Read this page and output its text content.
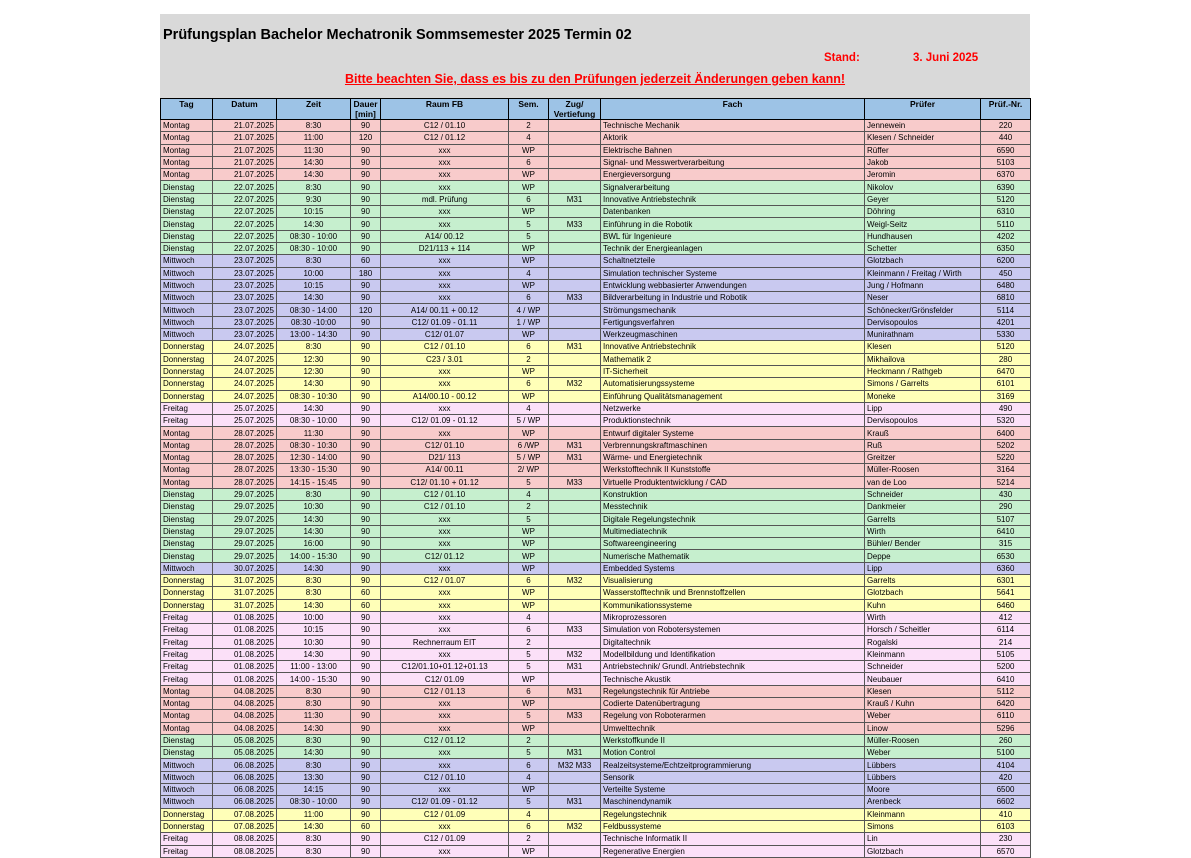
Prüfungsplan Bachelor Mechatronik Sommsemester 2025 Termin 02
Stand:	3. Juni 2025
Bitte beachten Sie, dass es bis zu den Prüfungen jederzeit Änderungen geben kann!
Tag	Datum	Zeit	Dauer [min]	Raum FB	Sem.	Zug/ Vertiefung	Fach	Prüfer	Prüf.-Nr.
Montag	21.07.2025	8:30	90	C12 / 01.10	2		Technische Mechanik	Jennewein	220
Montag	21.07.2025	11:00	120	C12 / 01.12	4		Aktorik	Klesen / Schneider	440
Montag	21.07.2025	11:30	90	xxx	WP		Elektrische Bahnen	Rüffer	6590
Montag	21.07.2025	14:30	90	xxx	6		Signal- und Messwertverarbeitung	Jakob	5103
Montag	21.07.2025	14:30	90	xxx	WP		Energieversorgung	Jeromin	6370
Dienstag	22.07.2025	8:30	90	xxx	WP		Signalverarbeitung	Nikolov	6390
Dienstag	22.07.2025	9:30	90	mdl. Prüfung	6	M31	Innovative Antriebstechnik	Geyer	5120
Dienstag	22.07.2025	10:15	90	xxx	WP		Datenbanken	Döhring	6310
Dienstag	22.07.2025	14:30	90	xxx	5	M33	Einführung in die Robotik	Weigl-Seitz	5110
Dienstag	22.07.2025	08:30 - 10:00	90	A14/ 00.12	5		BWL für Ingenieure	Hundhausen	4202
Dienstag	22.07.2025	08:30 - 10:00	90	D21/113 + 114	WP		Technik der Energieanlagen	Schetter	6350
Mittwoch	23.07.2025	8:30	60	xxx	WP		Schaltnetzteile	Glotzbach	6200
Mittwoch	23.07.2025	10:00	180	xxx	4		Simulation technischer Systeme	Kleinmann / Freitag / Wirth	450
Mittwoch	23.07.2025	10:15	90	xxx	WP		Entwicklung webbasierter Anwendungen	Jung / Hofmann	6480
Mittwoch	23.07.2025	14:30	90	xxx	6	M33	Bildverarbeitung in Industrie und Robotik	Neser	6810
Mittwoch	23.07.2025	08:30 - 14:00	120	A14/ 00.11 + 00.12	4 / WP		Strömungsmechanik	Schönecker/Grönsfelder	5114
Mittwoch	23.07.2025	08:30 -10:00	90	C12/ 01.09 - 01.11	1 / WP		Fertigungsverfahren	Dervisopoulos	4201
Mittwoch	23.07.2025	13:00 - 14:30	90	C12/ 01.07	WP		Werkzeugmaschinen	Munirathnam	5330
Donnerstag	24.07.2025	8:30	90	C12 / 01.10	6	M31	Innovative Antriebstechnik	Klesen	5120
Donnerstag	24.07.2025	12:30	90	C23 / 3.01	2		Mathematik 2	Mikhailova	280
Donnerstag	24.07.2025	12:30	90	xxx	WP		IT-Sicherheit	Heckmann / Rathgeb	6470
Donnerstag	24.07.2025	14:30	90	xxx	6	M32	Automatisierungssysteme	Simons / Garrelts	6101
Donnerstag	24.07.2025	08:30 - 10:30	90	A14/00.10 - 00.12	WP		Einführung Qualitätsmanagement	Moneke	3169
Freitag	25.07.2025	14:30	90	xxx	4		Netzwerke	Lipp	490
Freitag	25.07.2025	08:30 - 10:00	90	C12/ 01.09 - 01.12	5 / WP		Produktionstechnik	Dervisopoulos	5320
Montag	28.07.2025	11:30	90	xxx	WP		Entwurf digitaler Systeme	Krauß	6400
Montag	28.07.2025	08:30 - 10:30	90	C12/ 01.10	6 /WP	M31	Verbrennungskraftmaschinen	Ruß	5202
Montag	28.07.2025	12:30 - 14:00	90	D21/ 113	5 / WP	M31	Wärme- und Energietechnik	Greitzer	5220
Montag	28.07.2025	13:30 - 15:30	90	A14/ 00.11	2/ WP		Werkstofftechnik II Kunststoffe	Müller-Roosen	3164
Montag	28.07.2025	14:15 - 15:45	90	C12/ 01.10 + 01.12	5	M33	Virtuelle Produktentwicklung / CAD	van de Loo	5214
Dienstag	29.07.2025	8:30	90	C12 / 01.10	4		Konstruktion	Schneider	430
Dienstag	29.07.2025	10:30	90	C12 / 01.10	2		Messtechnik	Dankmeier	290
Dienstag	29.07.2025	14:30	90	xxx	5		Digitale Regelungstechnik	Garrelts	5107
Dienstag	29.07.2025	14:30	90	xxx	WP		Multimediatechnik	Wirth	6410
Dienstag	29.07.2025	16:00	90	xxx	WP		Softwareengineering	Bühler/ Bender	315
Dienstag	29.07.2025	14:00 - 15:30	90	C12/ 01.12	WP		Numerische Mathematik	Deppe	6530
Mittwoch	30.07.2025	14:30	90	xxx	WP		Embedded Systems	Lipp	6360
Donnerstag	31.07.2025	8:30	90	C12 / 01.07	6	M32	Visualisierung	Garrelts	6301
Donnerstag	31.07.2025	8:30	60	xxx	WP		Wasserstofftechnik und Brennstoffzellen	Glotzbach	5641
Donnerstag	31.07.2025	14:30	60	xxx	WP		Kommunikationssysteme	Kuhn	6460
Freitag	01.08.2025	10:00	90	xxx	4		Mikroprozessoren	Wirth	412
Freitag	01.08.2025	10:15	90	xxx	6	M33	Simulation von Robotersystemen	Horsch / Scheitler	6114
Freitag	01.08.2025	10:30	90	Rechnerraum EIT	2		Digitaltechnik	Rogalski	214
Freitag	01.08.2025	14:30	90	xxx	5	M32	Modellbildung und Identifikation	Kleinmann	5105
Freitag	01.08.2025	11:00 - 13:00	90	C12/01.10+01.12+01.13	5	M31	Antriebstechnik/ Grundl. Antriebstechnik	Schneider	5200
Freitag	01.08.2025	14:00 - 15:30	90	C12/ 01.09	WP		Technische Akustik	Neubauer	6410
Montag	04.08.2025	8:30	90	C12 / 01.13	6	M31	Regelungstechnik für Antriebe	Klesen	5112
Montag	04.08.2025	8:30	90	xxx	WP		Codierte Datenübertragung	Krauß / Kuhn	6420
Montag	04.08.2025	11:30	90	xxx	5	M33	Regelung von Roboterarmen	Weber	6110
Montag	04.08.2025	14:30	90	xxx	WP		Umwelttechnik	Linow	5296
Dienstag	05.08.2025	8:30	90	C12 / 01.12	2		Werkstoffkunde II	Müller-Roosen	260
Dienstag	05.08.2025	14:30	90	xxx	5	M31	Motion Control	Weber	5100
Mittwoch	06.08.2025	8:30	90	xxx	6	M32 M33	Realzeitsysteme/Echtzeitprogrammierung	Lübbers	4104
Mittwoch	06.08.2025	13:30	90	C12 / 01.10	4		Sensorik	Lübbers	420
Mittwoch	06.08.2025	14:15	90	xxx	WP		Verteilte Systeme	Moore	6500
Mittwoch	06.08.2025	08:30 - 10:00	90	C12/ 01.09 - 01.12	5	M31	Maschinendynamik	Arenbeck	6602
Donnerstag	07.08.2025	11:00	90	C12 / 01.09	4		Regelungstechnik	Kleinmann	410
Donnerstag	07.08.2025	14:30	60	xxx	6	M32	Feldbussysteme	Simons	6103
Freitag	08.08.2025	8:30	90	C12 / 01.09	2		Technische Informatik II	Lin	230
Freitag	08.08.2025	8:30	90	xxx	WP		Regenerative Energien	Glotzbach	6570
